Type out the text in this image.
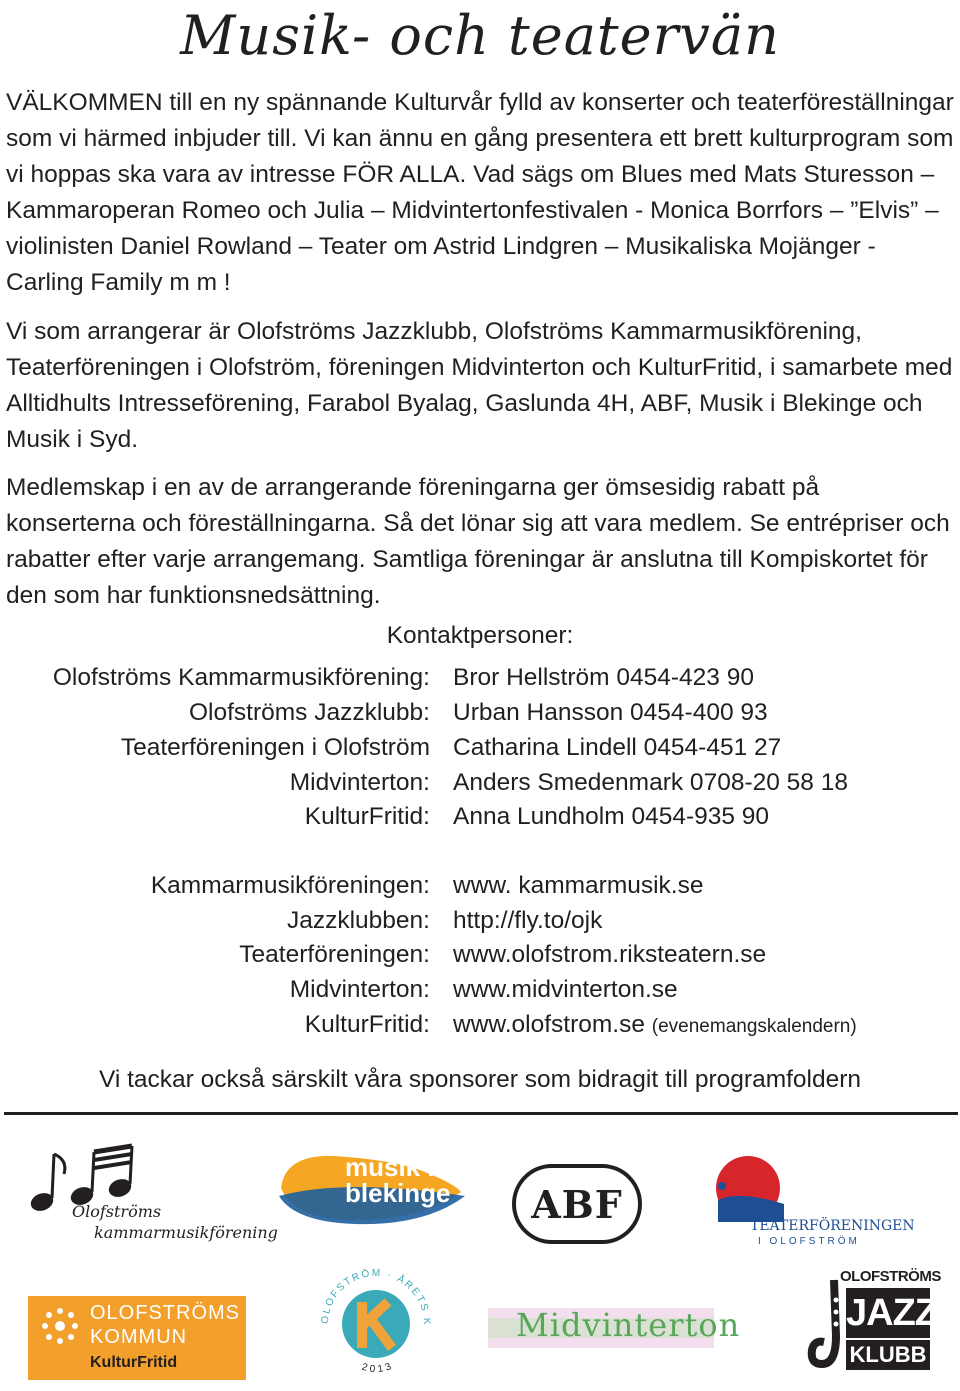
Musik- och teatervän

VÄLKOMMEN till en ny spännande Kulturvår fylld av konserter och teaterföreställningar som vi härmed inbjuder till. Vi kan ännu en gång presentera ett brett kulturprogram som vi hoppas ska vara av intresse FÖR ALLA. Vad sägs om Blues med Mats Sturesson – Kammaroperan Romeo och Julia – Midvintertonfestivalen - Monica Borrfors – ”Elvis” – violinisten Daniel Rowland – Teater om Astrid Lindgren – Musikaliska Mojänger - Carling Family m m !

Vi som arrangerar är Olofströms Jazzklubb, Olofströms Kammarmusikförening, Teaterföreningen i Olofström, föreningen Midvinterton och KulturFritid, i samarbete med Alltidhults Intresseförening, Farabol Byalag, Gaslunda 4H, ABF, Musik i Blekinge och Musik i Syd.

Medlemskap i en av de arrangerande föreningarna ger ömsesidig rabatt på konserterna och föreställningarna. Så det lönar sig att vara medlem. Se entrépriser och rabatter efter varje arrangemang. Samtliga föreningar är anslutna till Kompiskortet för den som har funktionsnedsättning.

Kontaktpersoner:
Olofströms Kammarmusikförening: Bror Hellström 0454-423 90
Olofströms Jazzklubb: Urban Hansson 0454-400 93
Teaterföreningen i Olofström Catharina Lindell 0454-451 27
Midvinterton: Anders Smedenmark 0708-20 58 18
KulturFritid: Anna Lundholm 0454-935 90
Kammarmusikföreningen: www. kammarmusik.se
Jazzklubben: http://fly.to/ojk
Teaterföreningen: www.olofstrom.riksteatern.se
Midvinterton: www.midvinterton.se
KulturFritid: www.olofstrom.se (evenemangskalendern)
Vi tackar också särskilt våra sponsorer som bidragit till programfoldern
Olofströms
kammarmusikförening
musik i
blekinge ABF	TEATERFÖRENINGEN
I OLOFSTRÖM
OLOFSTRÖMS
KOMMUN
KulturFritid
OLOFSTRÖM · ÅRETS K
2013
Midvinterton
OLOFSTRÖMS
JAZZ
KLUBB
